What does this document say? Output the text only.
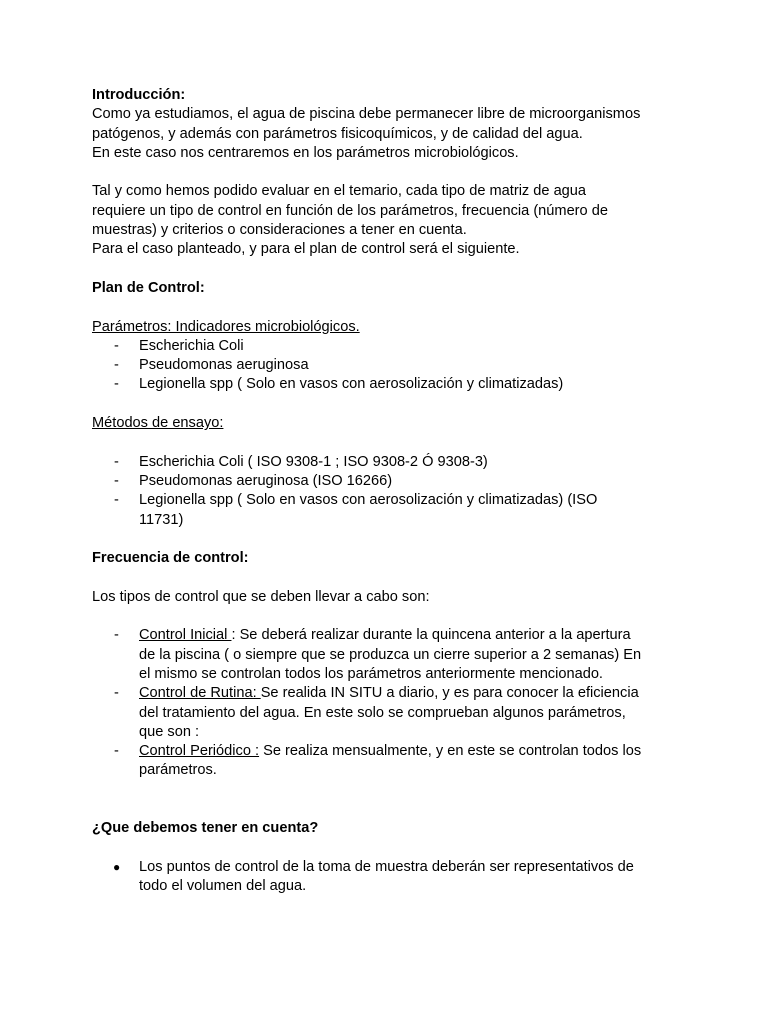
Introducción:

Como ya estudiamos, el agua de piscina debe permanecer libre de microorganismos

patógenos, y además con parámetros fisicoquímicos, y de calidad del agua.

En este caso nos centraremos en los parámetros microbiológicos.

Tal y como hemos podido evaluar en el temario, cada tipo de matriz de agua

requiere un tipo de control en función de los parámetros, frecuencia (número de

muestras) y criterios o consideraciones a tener en cuenta.

Para el caso planteado, y para el plan de control será el siguiente.

Plan de Control:

Parámetros: Indicadores microbiológicos.

- Escherichia Coli
- Pseudomonas aeruginosa
- Legionella spp ( Solo en vasos con aerosolización y climatizadas)

Métodos de ensayo:

- Escherichia Coli ( ISO 9308-1 ; ISO 9308-2 Ó 9308-3)
- Pseudomonas aeruginosa (ISO 16266)
- Legionella spp ( Solo en vasos con aerosolización y climatizadas) (ISO
11731)

Frecuencia de control:

Los tipos de control que se deben llevar a cabo son:

- Control Inicial : Se deberá realizar durante la quincena anterior a la apertura
de la piscina ( o siempre que se produzca un cierre superior a 2 semanas) En
el mismo se controlan todos los parámetros anteriormente mencionado.
- Control de Rutina: Se realida IN SITU a diario, y es para conocer la eficiencia
del tratamiento del agua. En este solo se comprueban algunos parámetros,
que son :
- Control Periódico : Se realiza mensualmente, y en este se controlan todos los
parámetros.

¿Que debemos tener en cuenta?

● Los puntos de control de la toma de muestra deberán ser representativos de
todo el volumen del agua.
